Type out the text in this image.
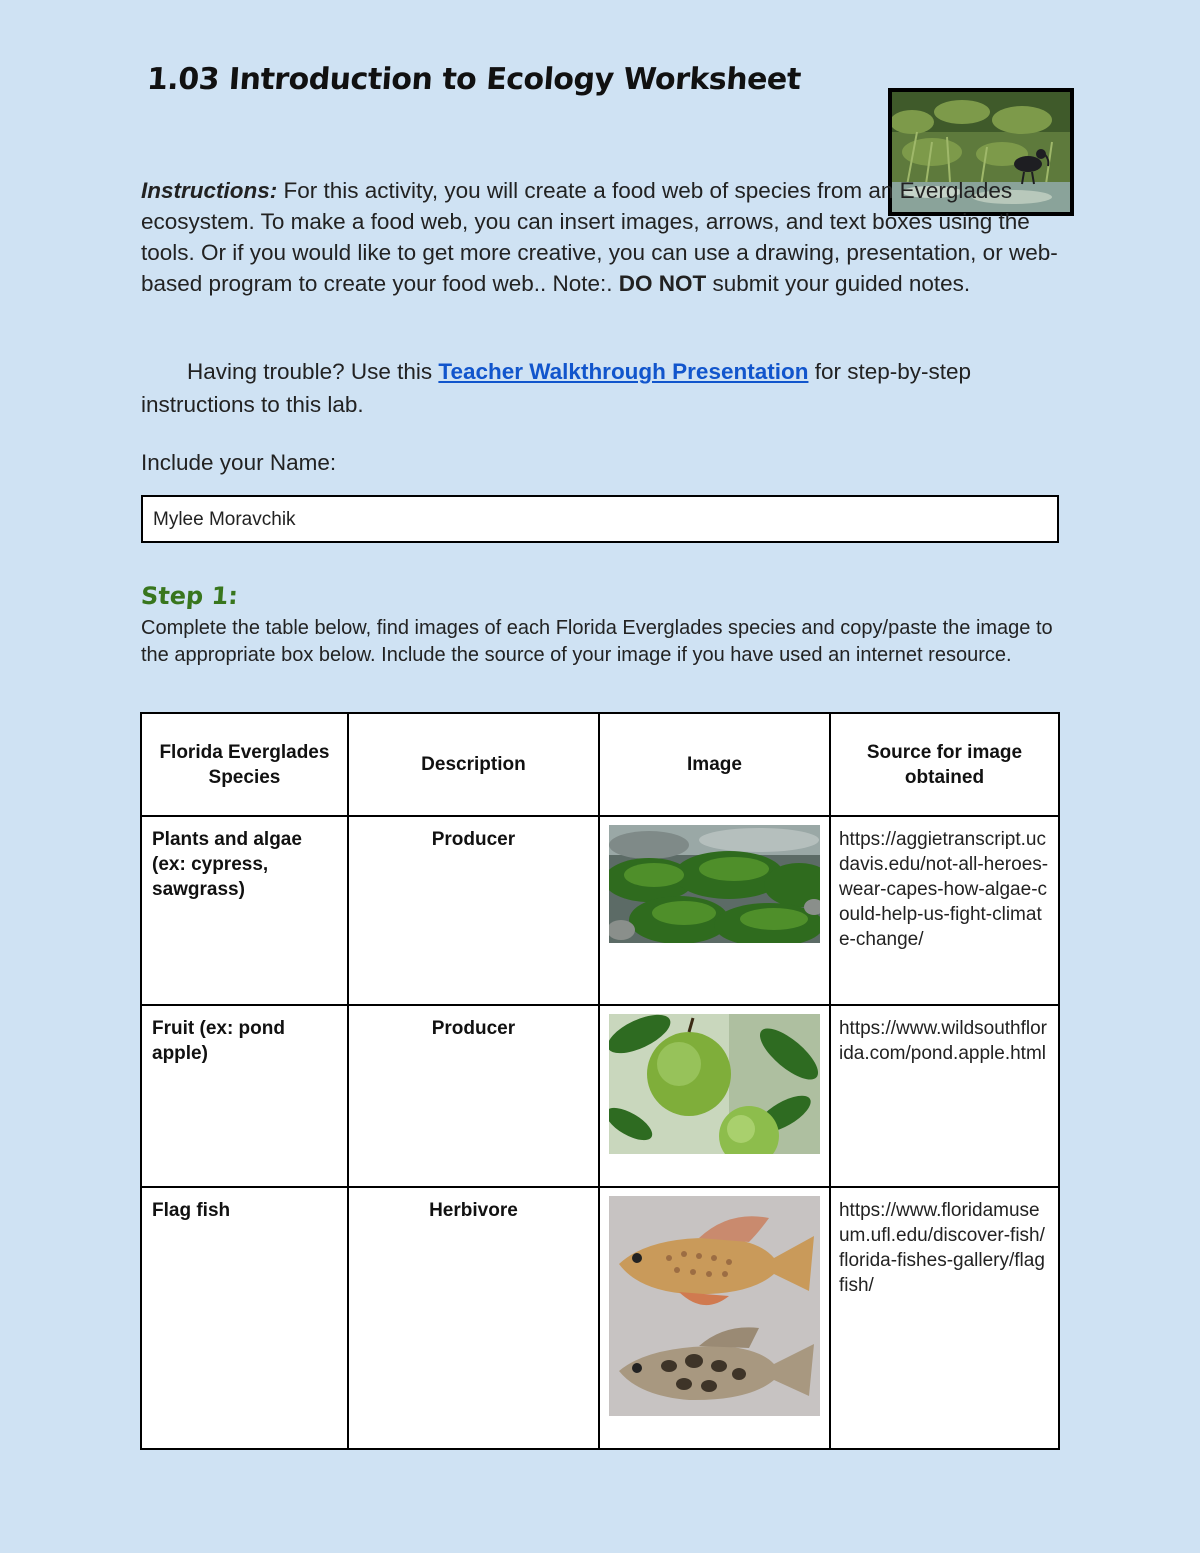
1.03 Introduction to Ecology Worksheet
Instructions: For this activity, you will create a food web of species from an Everglades ecosystem. To make a food web, you can insert images, arrows, and text boxes using the tools. Or if you would like to get more creative, you can use a drawing, presentation, or web-based program to create your food web.. Note:. DO NOT submit your guided notes.
Having trouble? Use this Teacher Walkthrough Presentation for step-by-step instructions to this lab.
Include your Name:
Mylee Moravchik
Step 1:
Complete the table below, find images of each Florida Everglades species and copy/paste the image to the appropriate box below. Include the source of your image if you have used an internet resource.
Florida Everglades Species	Description	Image	Source for image obtained
Plants and algae (ex: cypress, sawgrass)	Producer		https://aggietranscript.ucdavis.edu/not-all-heroes-wear-capes-how-algae-could-help-us-fight-climate-change/
Fruit (ex: pond apple)	Producer		https://www.wildsouthflorida.com/pond.apple.html
Flag fish	Herbivore		https://www.floridamuseum.ufl.edu/discover-fish/florida-fishes-gallery/flagfish/
